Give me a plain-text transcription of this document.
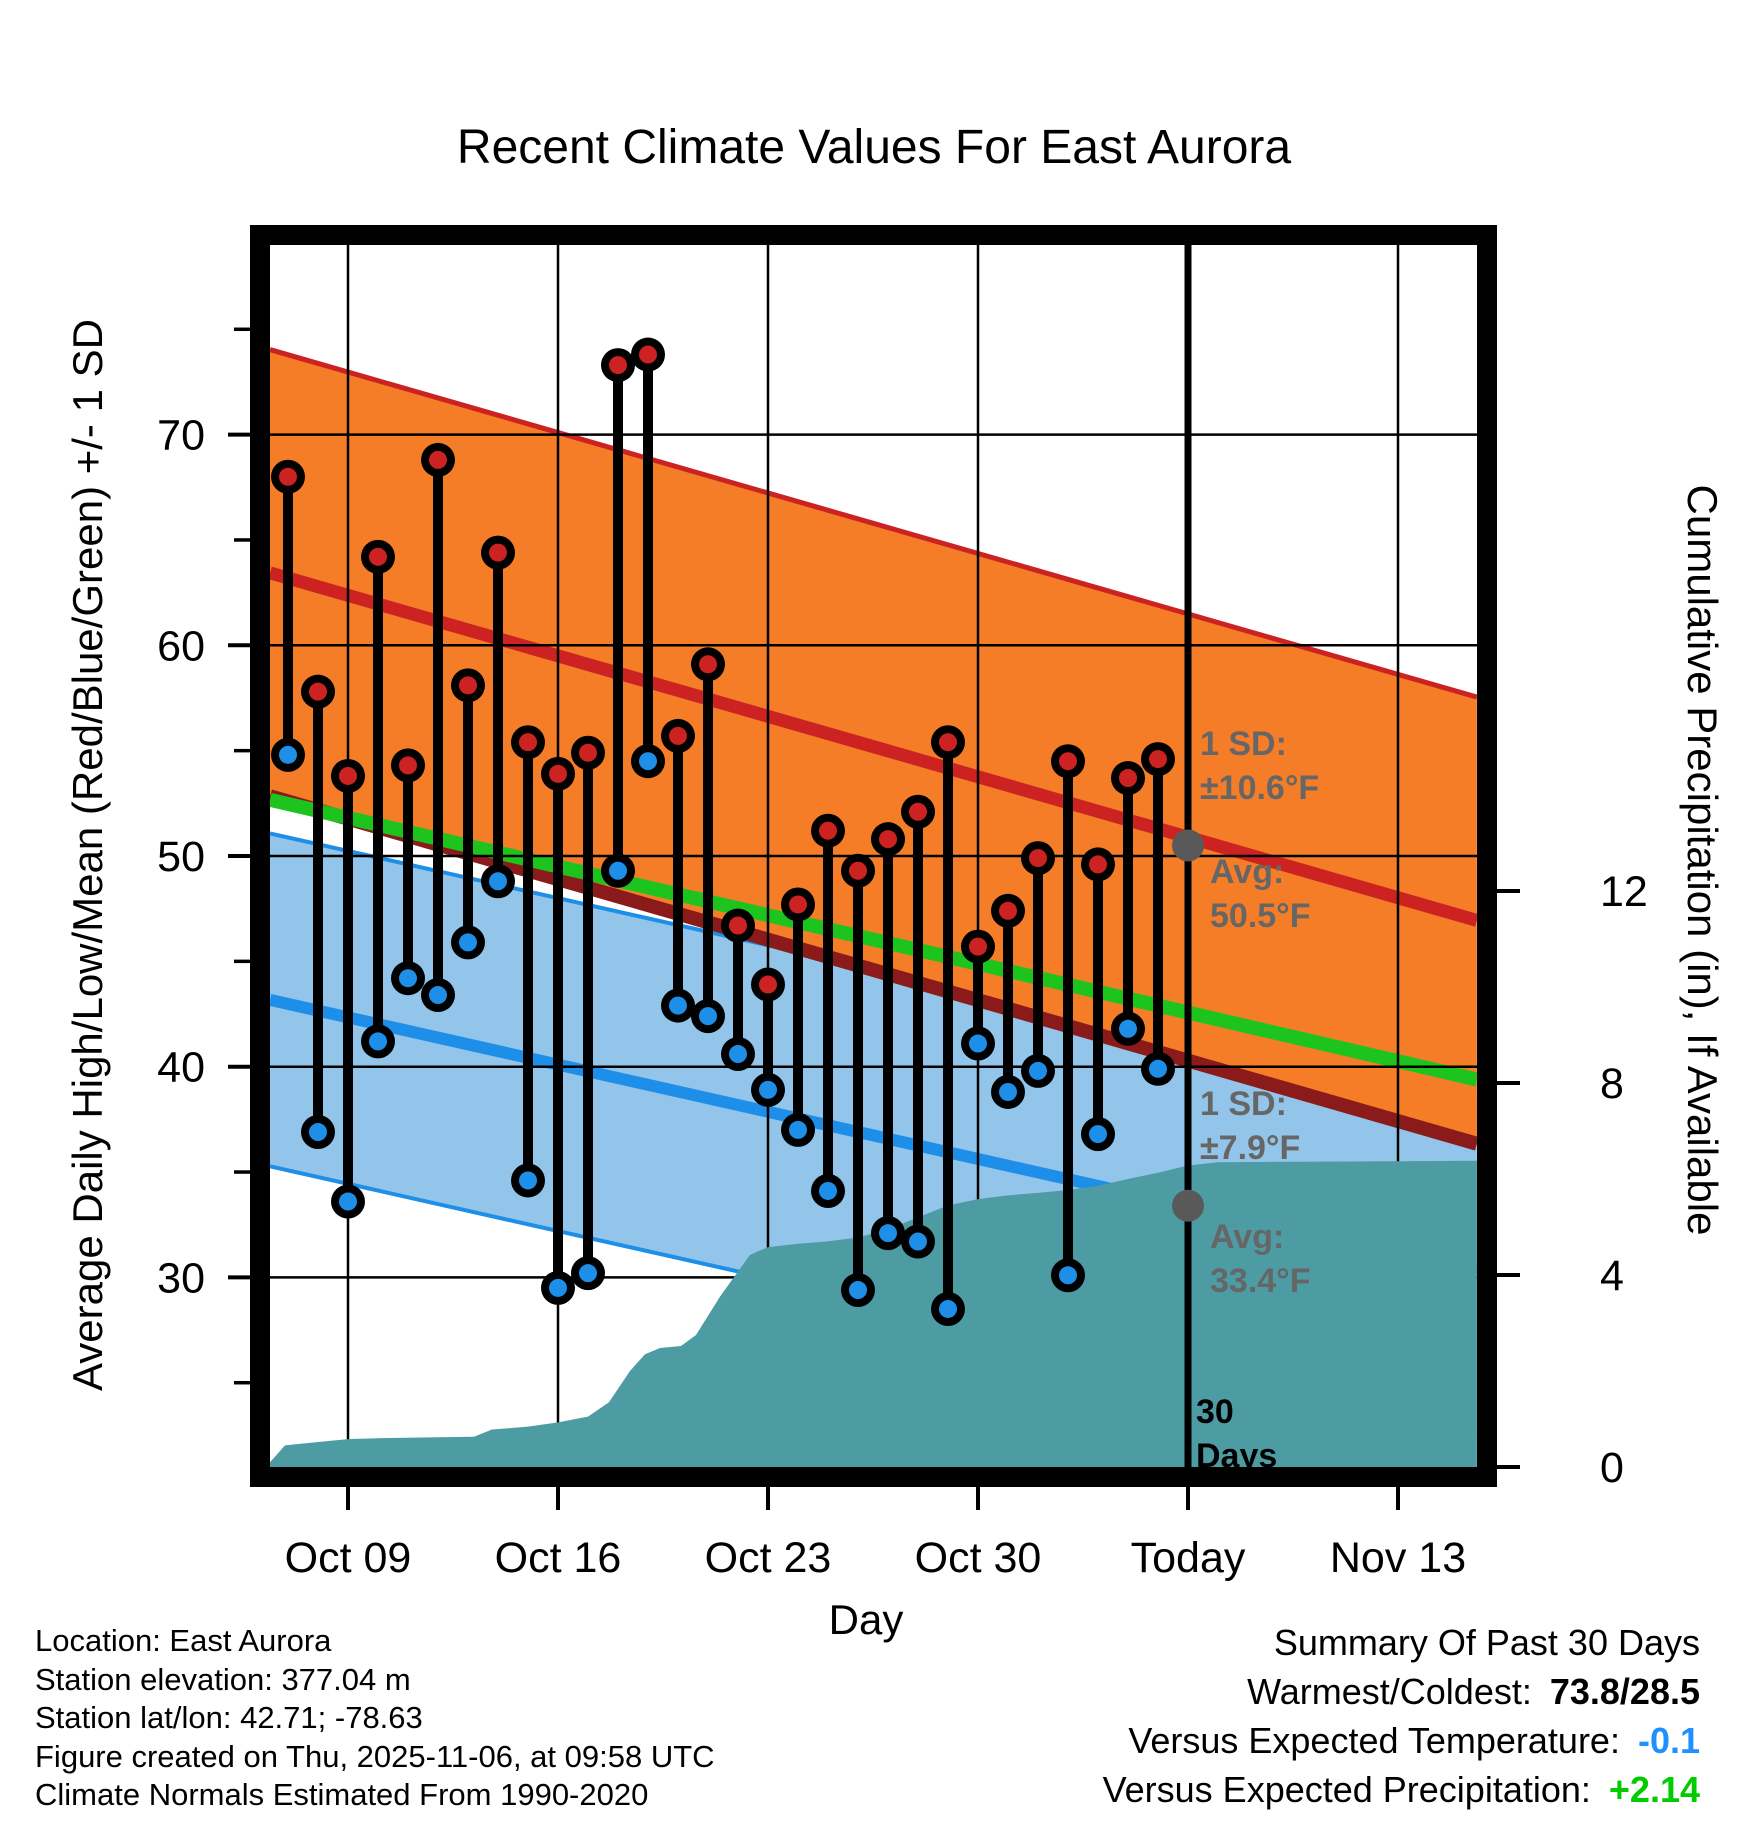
Recent Climate Values For East Aurora
Average Daily High/Low/Mean (Red/Blue/Green) +/- 1 SD	Cumulative Precipitation (in), If Available
Day
30
40
50
60
70
0
4
8
12
Oct 09 Oct 16 Oct 23 Oct 30 Today Nov 13
1 SD:
±10.6°F
Avg:
50.5°F
1 SD:
±7.9°F
Avg:
33.4°F
30
Days
Location: East Aurora
Station elevation: 377.04 m
Station lat/lon: 42.71; -78.63
Figure created on Thu, 2025-11-06, at 09:58 UTC
Climate Normals Estimated From 1990-2020
Summary Of Past 30 Days
Warmest/Coldest: 73.8/28.5
Versus Expected Temperature: -0.1
Versus Expected Precipitation: +2.14
